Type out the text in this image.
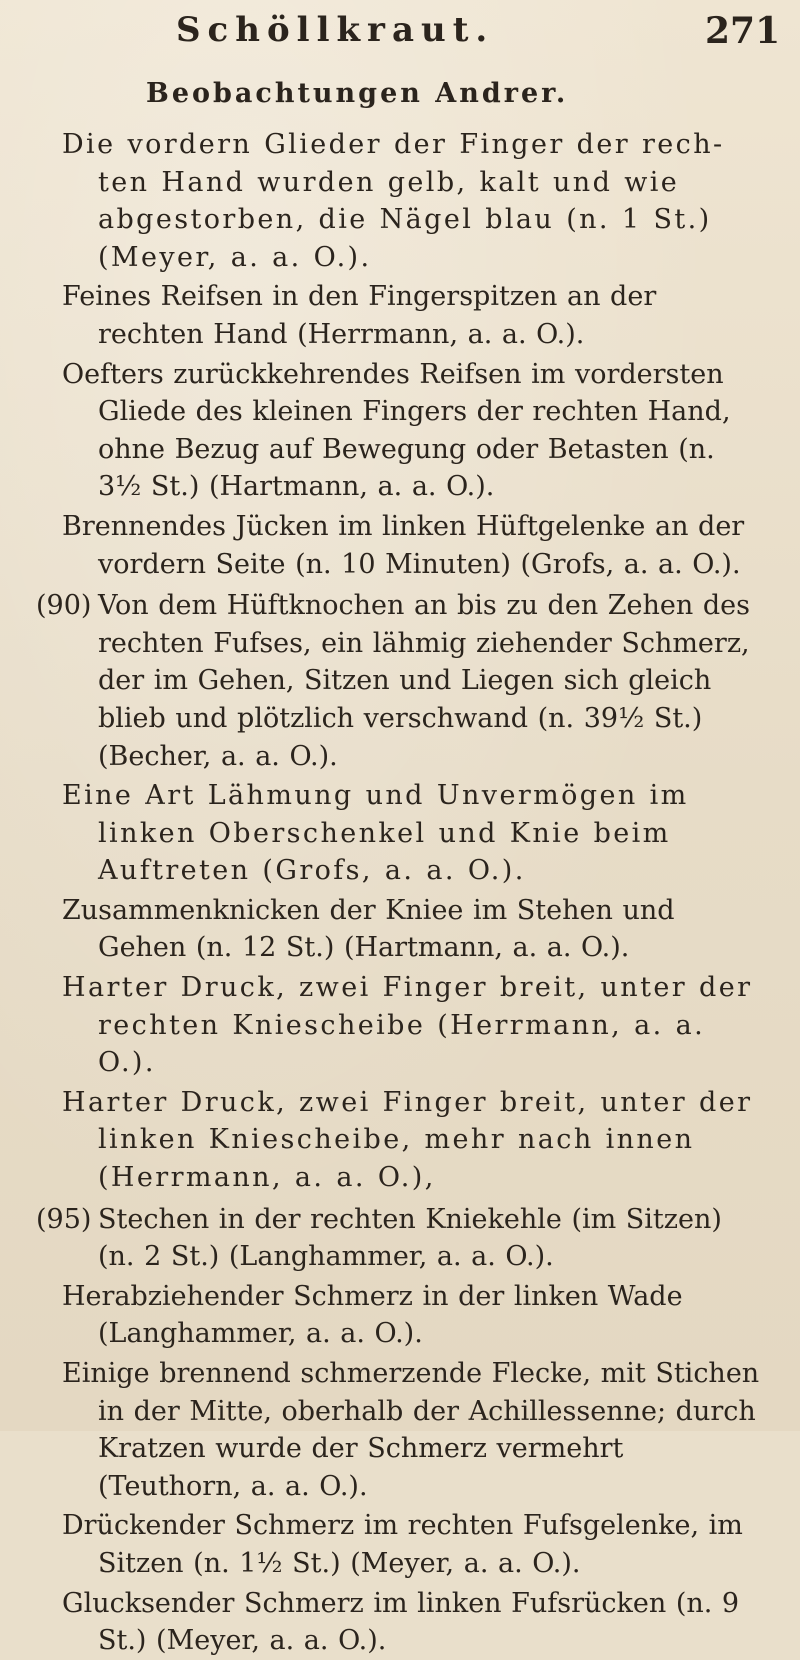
Schöllkraut.	271
Beobachtungen Andrer.

Die vordern Glieder der Finger der rech-ten Hand wurden gelb, kalt und wie abgestorben, die Nägel blau (n. 1 St.) (Meyer, a. a. O.).

Feines Reifsen in den Fingerspitzen an der rechten Hand (Herrmann, a. a. O.).

Oefters zurückkehrendes Reifsen im vordersten Gliede des kleinen Fingers der rechten Hand, ohne Bezug auf Bewegung oder Betasten (n. 3½ St.) (Hartmann, a. a. O.).

Brennendes Jücken im linken Hüftgelenke an der vordern Seite (n. 10 Minuten) (Grofs, a. a. O.).

(90) Von dem Hüftknochen an bis zu den Zehen des rechten Fufses, ein lähmig ziehender Schmerz, der im Gehen, Sitzen und Liegen sich gleich blieb und plötzlich verschwand (n. 39½ St.) (Becher, a. a. O.).

Eine Art Lähmung und Unvermögen im linken Oberschenkel und Knie beim Auftreten (Grofs, a. a. O.).

Zusammenknicken der Kniee im Stehen und Gehen (n. 12 St.) (Hartmann, a. a. O.).

Harter Druck, zwei Finger breit, unter der rechten Kniescheibe (Herrmann, a. a. O.).

Harter Druck, zwei Finger breit, unter der linken Kniescheibe, mehr nach innen (Herrmann, a. a. O.),

(95) Stechen in der rechten Kniekehle (im Sitzen) (n. 2 St.) (Langhammer, a. a. O.).

Herabziehender Schmerz in der linken Wade (Langhammer, a. a. O.).

Einige brennend schmerzende Flecke, mit Stichen in der Mitte, oberhalb der Achillessenne; durch Kratzen wurde der Schmerz vermehrt (Teuthorn, a. a. O.).

Drückender Schmerz im rechten Fufsgelenke, im Sitzen (n. 1½ St.) (Meyer, a. a. O.).

Glucksender Schmerz im linken Fufsrücken (n. 9 St.) (Meyer, a. a. O.).
